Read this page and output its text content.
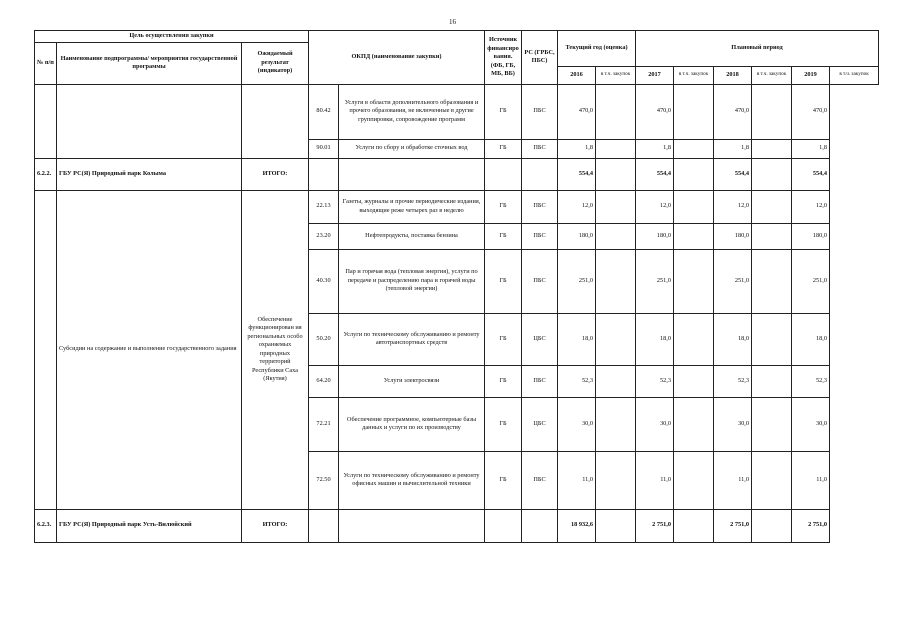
16
Цель осуществления закупки			ОКПД (наименование закупки)		Источник финансиро вания. (ФБ, ГБ, МБ, ВБ)	РС (ГРБС, ПБС)	Текущий год (оценка)		Плановый период					
№ п/п	Наименование подпрограммы/ мероприятия государственной программы	Ожидаемый результат (индикатор)												
							2016	в т.ч. закупок	2017	в т.ч. закупок	2018	в т.ч. закупок	2019	в т.ч. закупок
			80.42	Услуги в области дополнительного образования и прочего образования, не включенные в другие группировки, сопровождение программ	ГБ	ПБС	470,0		470,0		470,0		470,0	
			90.01	Услуги по сбору и обработке сточных вод	ГБ	ПБС	1,8		1,8		1,8		1,8	
6.2.2.	ГБУ РС(Я) Природный парк Колыма	ИТОГО:					554,4		554,4		554,4		554,4	
	Субсидии на содержание и выполнение государственного задания	Обеспечение функционирован ия региональных особо охраняемых природных территорий Республики Саха (Якутия)	22.13	Газеты, журналы и прочие периодические издания, выходящие реже четырех раз в неделю	ГБ	ПБС	12,0		12,0		12,0		12,0	
			23.20	Нефтепродукты, поставка бензина	ГБ	ПБС	180,0		180,0		180,0		180,0	
			40.30	Пар и горячая вода (тепловая энергия), услуги по передаче и распределению пара и горячей воды (тепловой энергии)	ГБ	ПБС	251,0		251,0		251,0		251,0	
			50.20	Услуги по техническому обслуживанию и ремонту автотранспортных средств	ГБ	ЦБС	18,0		18,0		18,0		18,0	
			64.20	Услуги электросвязи	ГБ	ПБС	52,3		52,3		52,3		52,3	
			72.21	Обеспечение программное, компьютерные базы данных и услуги по их производству	ГБ	ЦБС	30,0		30,0		30,0		30,0	
			72.50	Услуги по техническому обслуживанию и ремонту офисных машин и вычислительной техники	ГБ	ПБС	11,0		11,0		11,0		11,0	
6.2.3.	ГБУ РС(Я) Природный парк Усть-Вилюйский	ИТОГО:					18 932,6		2 751,0		2 751,0		2 751,0	
